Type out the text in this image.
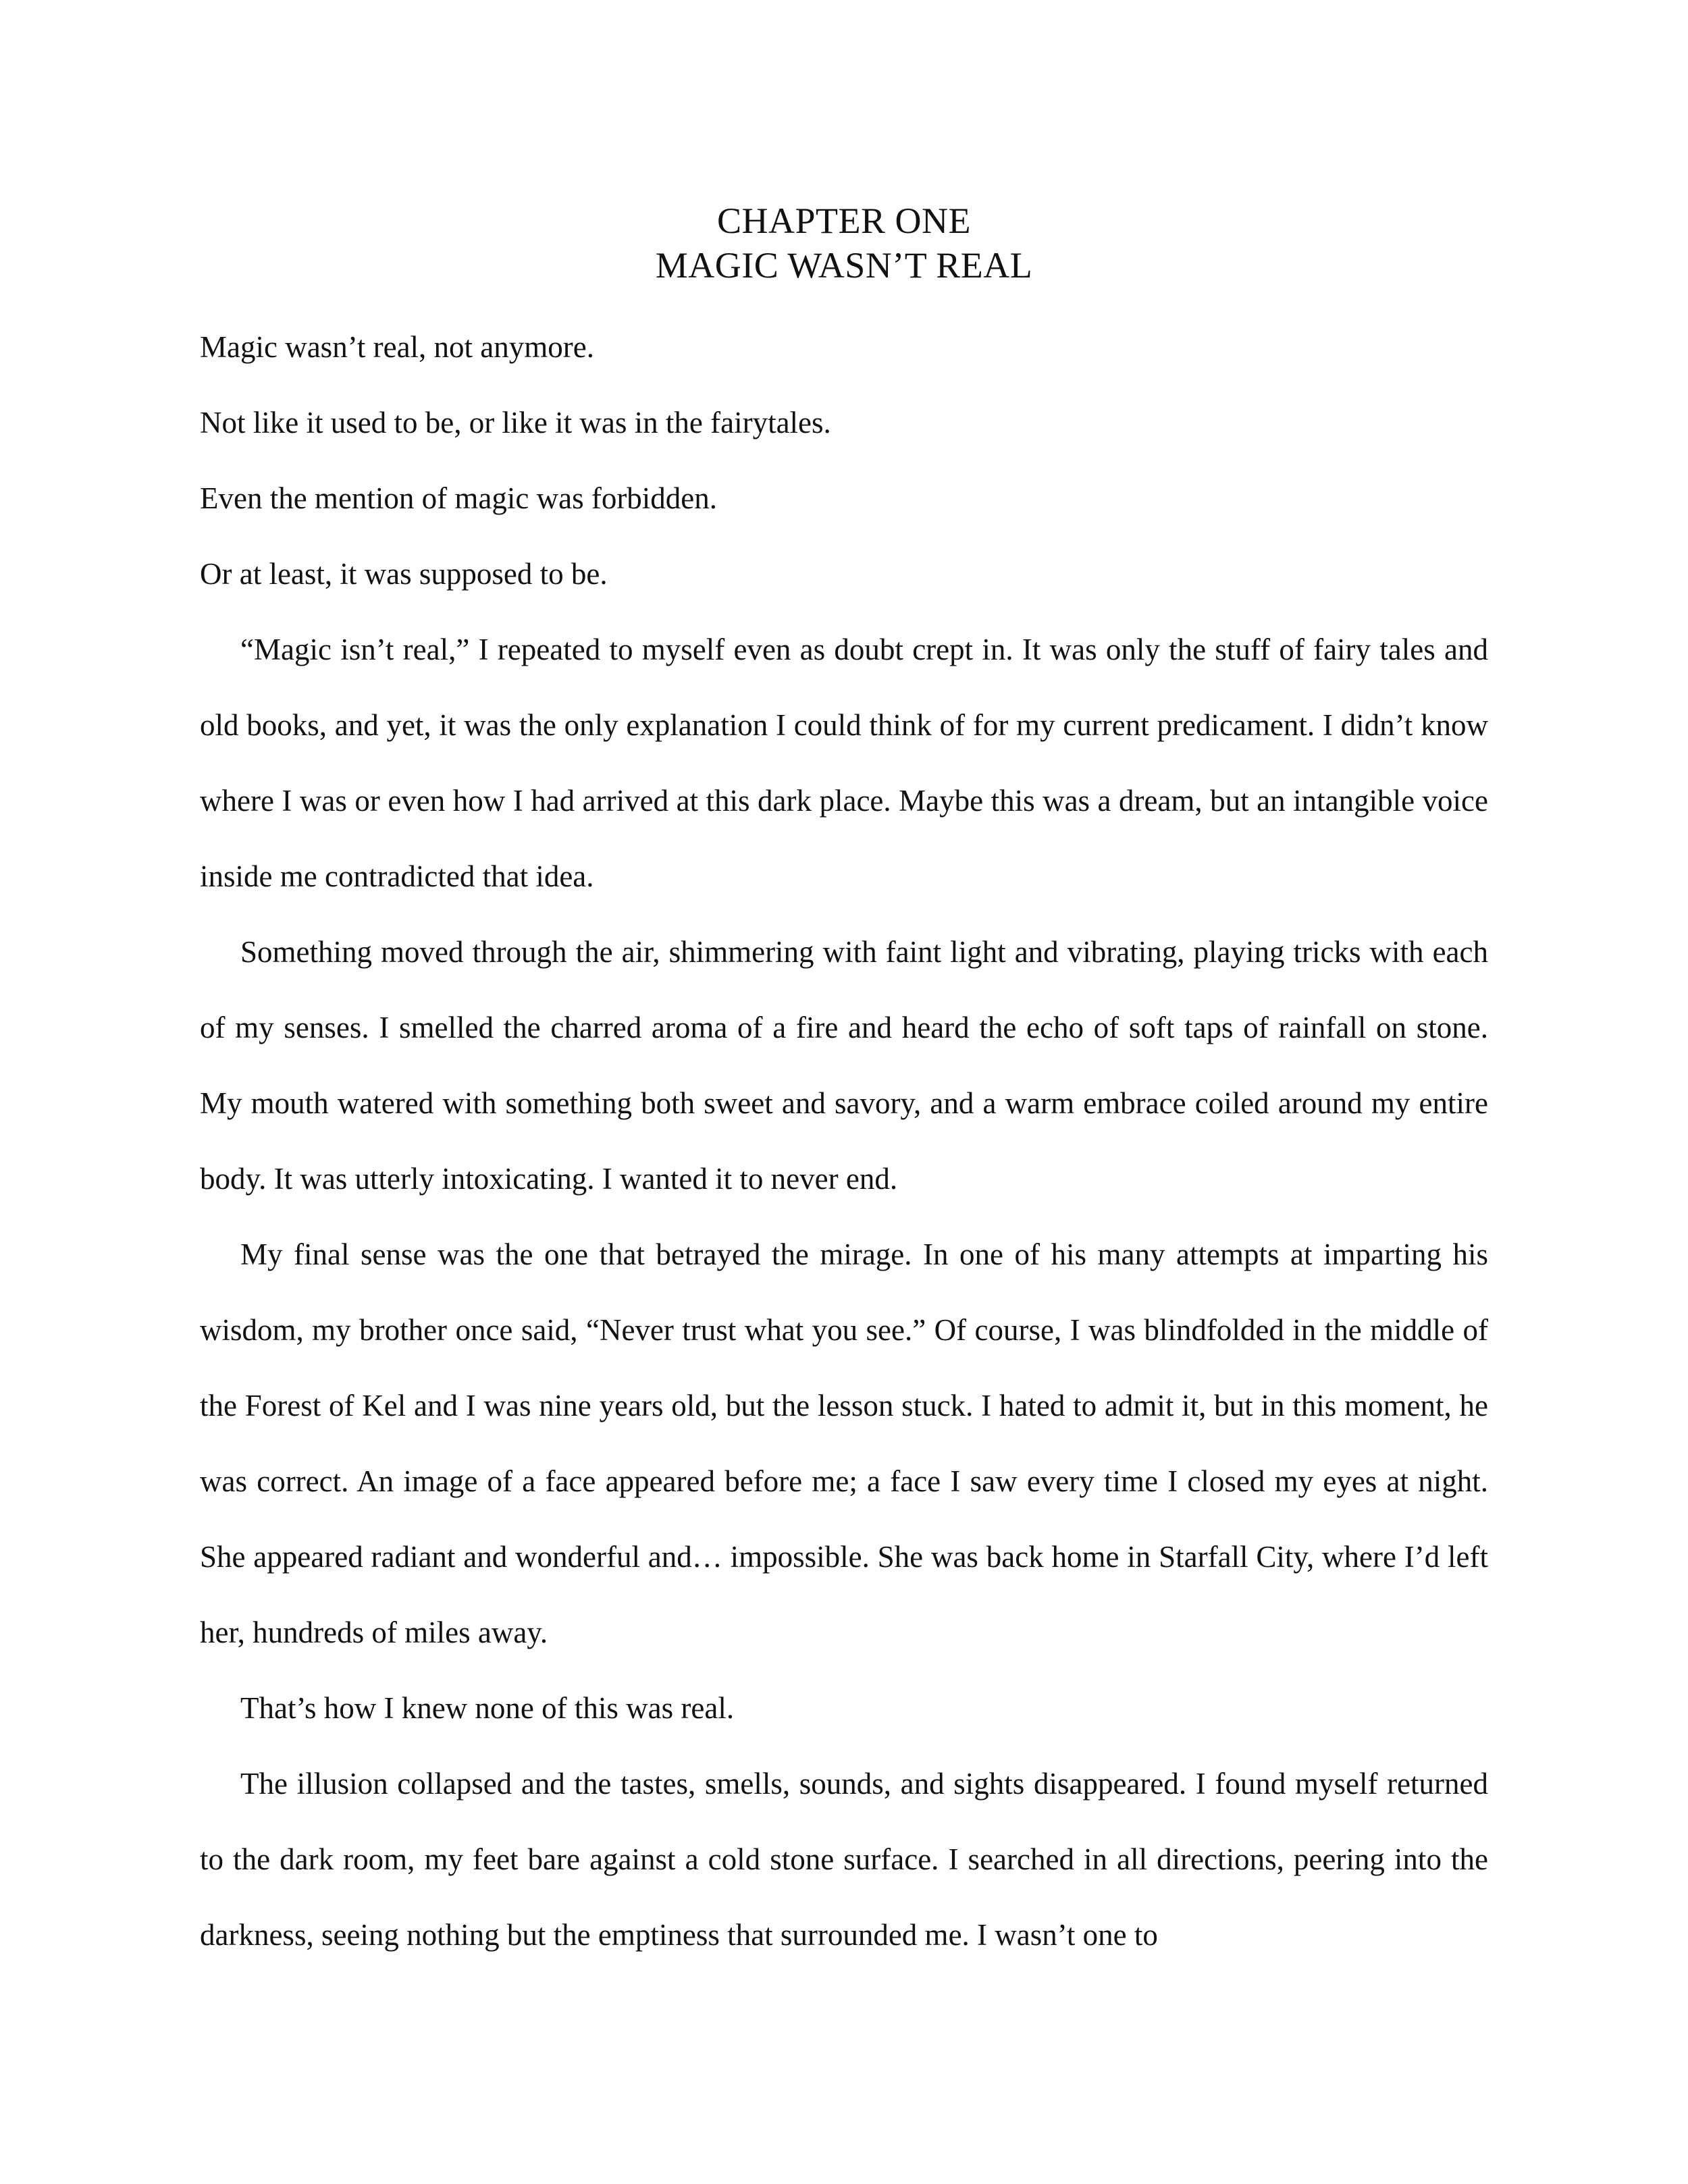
CHAPTER ONE
MAGIC WASN’T REAL

Magic wasn’t real, not anymore.

Not like it used to be, or like it was in the fairytales.

Even the mention of magic was forbidden.

Or at least, it was supposed to be.

“Magic isn’t real,” I repeated to myself even as doubt crept in. It was only the stuff of fairy tales and old books, and yet, it was the only explanation I could think of for my current predicament. I didn’t know where I was or even how I had arrived at this dark place. Maybe this was a dream, but an intangible voice inside me contradicted that idea.

Something moved through the air, shimmering with faint light and vibrating, playing tricks with each of my senses. I smelled the charred aroma of a fire and heard the echo of soft taps of rainfall on stone. My mouth watered with something both sweet and savory, and a warm embrace coiled around my entire body. It was utterly intoxicating. I wanted it to never end.

My final sense was the one that betrayed the mirage. In one of his many attempts at imparting his wisdom, my brother once said, “Never trust what you see.” Of course, I was blindfolded in the middle of the Forest of Kel and I was nine years old, but the lesson stuck. I hated to admit it, but in this moment, he was correct. An image of a face appeared before me; a face I saw every time I closed my eyes at night. She appeared radiant and wonderful and… impossible. She was back home in Starfall City, where I’d left her, hundreds of miles away.

That’s how I knew none of this was real.

The illusion collapsed and the tastes, smells, sounds, and sights disappeared. I found myself returned to the dark room, my feet bare against a cold stone surface. I searched in all directions, peering into the darkness, seeing nothing but the emptiness that surrounded me. I wasn’t one to
